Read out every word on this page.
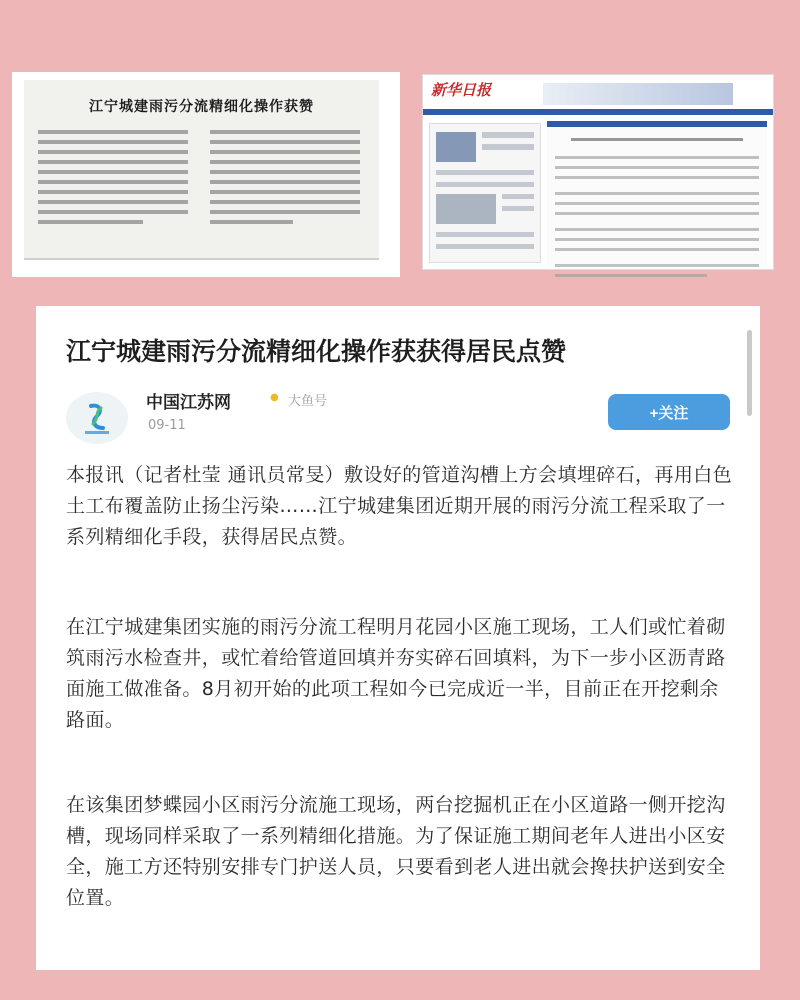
江宁城建雨污分流精细化操作获赞
新华日报
江宁城建雨污分流精细化操作获获得居民点赞
中国江苏网	● 大鱼号
09-11
+关注

本报讯（记者杜莹 通讯员常旻）敷设好的管道沟槽上方会填埋碎石，再用白色土工布覆盖防止扬尘污染……江宁城建集团近期开展的雨污分流工程采取了一系列精细化手段，获得居民点赞。

在江宁城建集团实施的雨污分流工程明月花园小区施工现场，工人们或忙着砌筑雨污水检查井，或忙着给管道回填并夯实碎石回填料，为下一步小区沥青路面施工做准备。8月初开始的此项工程如今已完成近一半，目前正在开挖剩余路面。

在该集团梦蝶园小区雨污分流施工现场，两台挖掘机正在小区道路一侧开挖沟槽，现场同样采取了一系列精细化措施。为了保证施工期间老年人进出小区安全，施工方还特别安排专门护送人员，只要看到老人进出就会搀扶护送到安全位置。
